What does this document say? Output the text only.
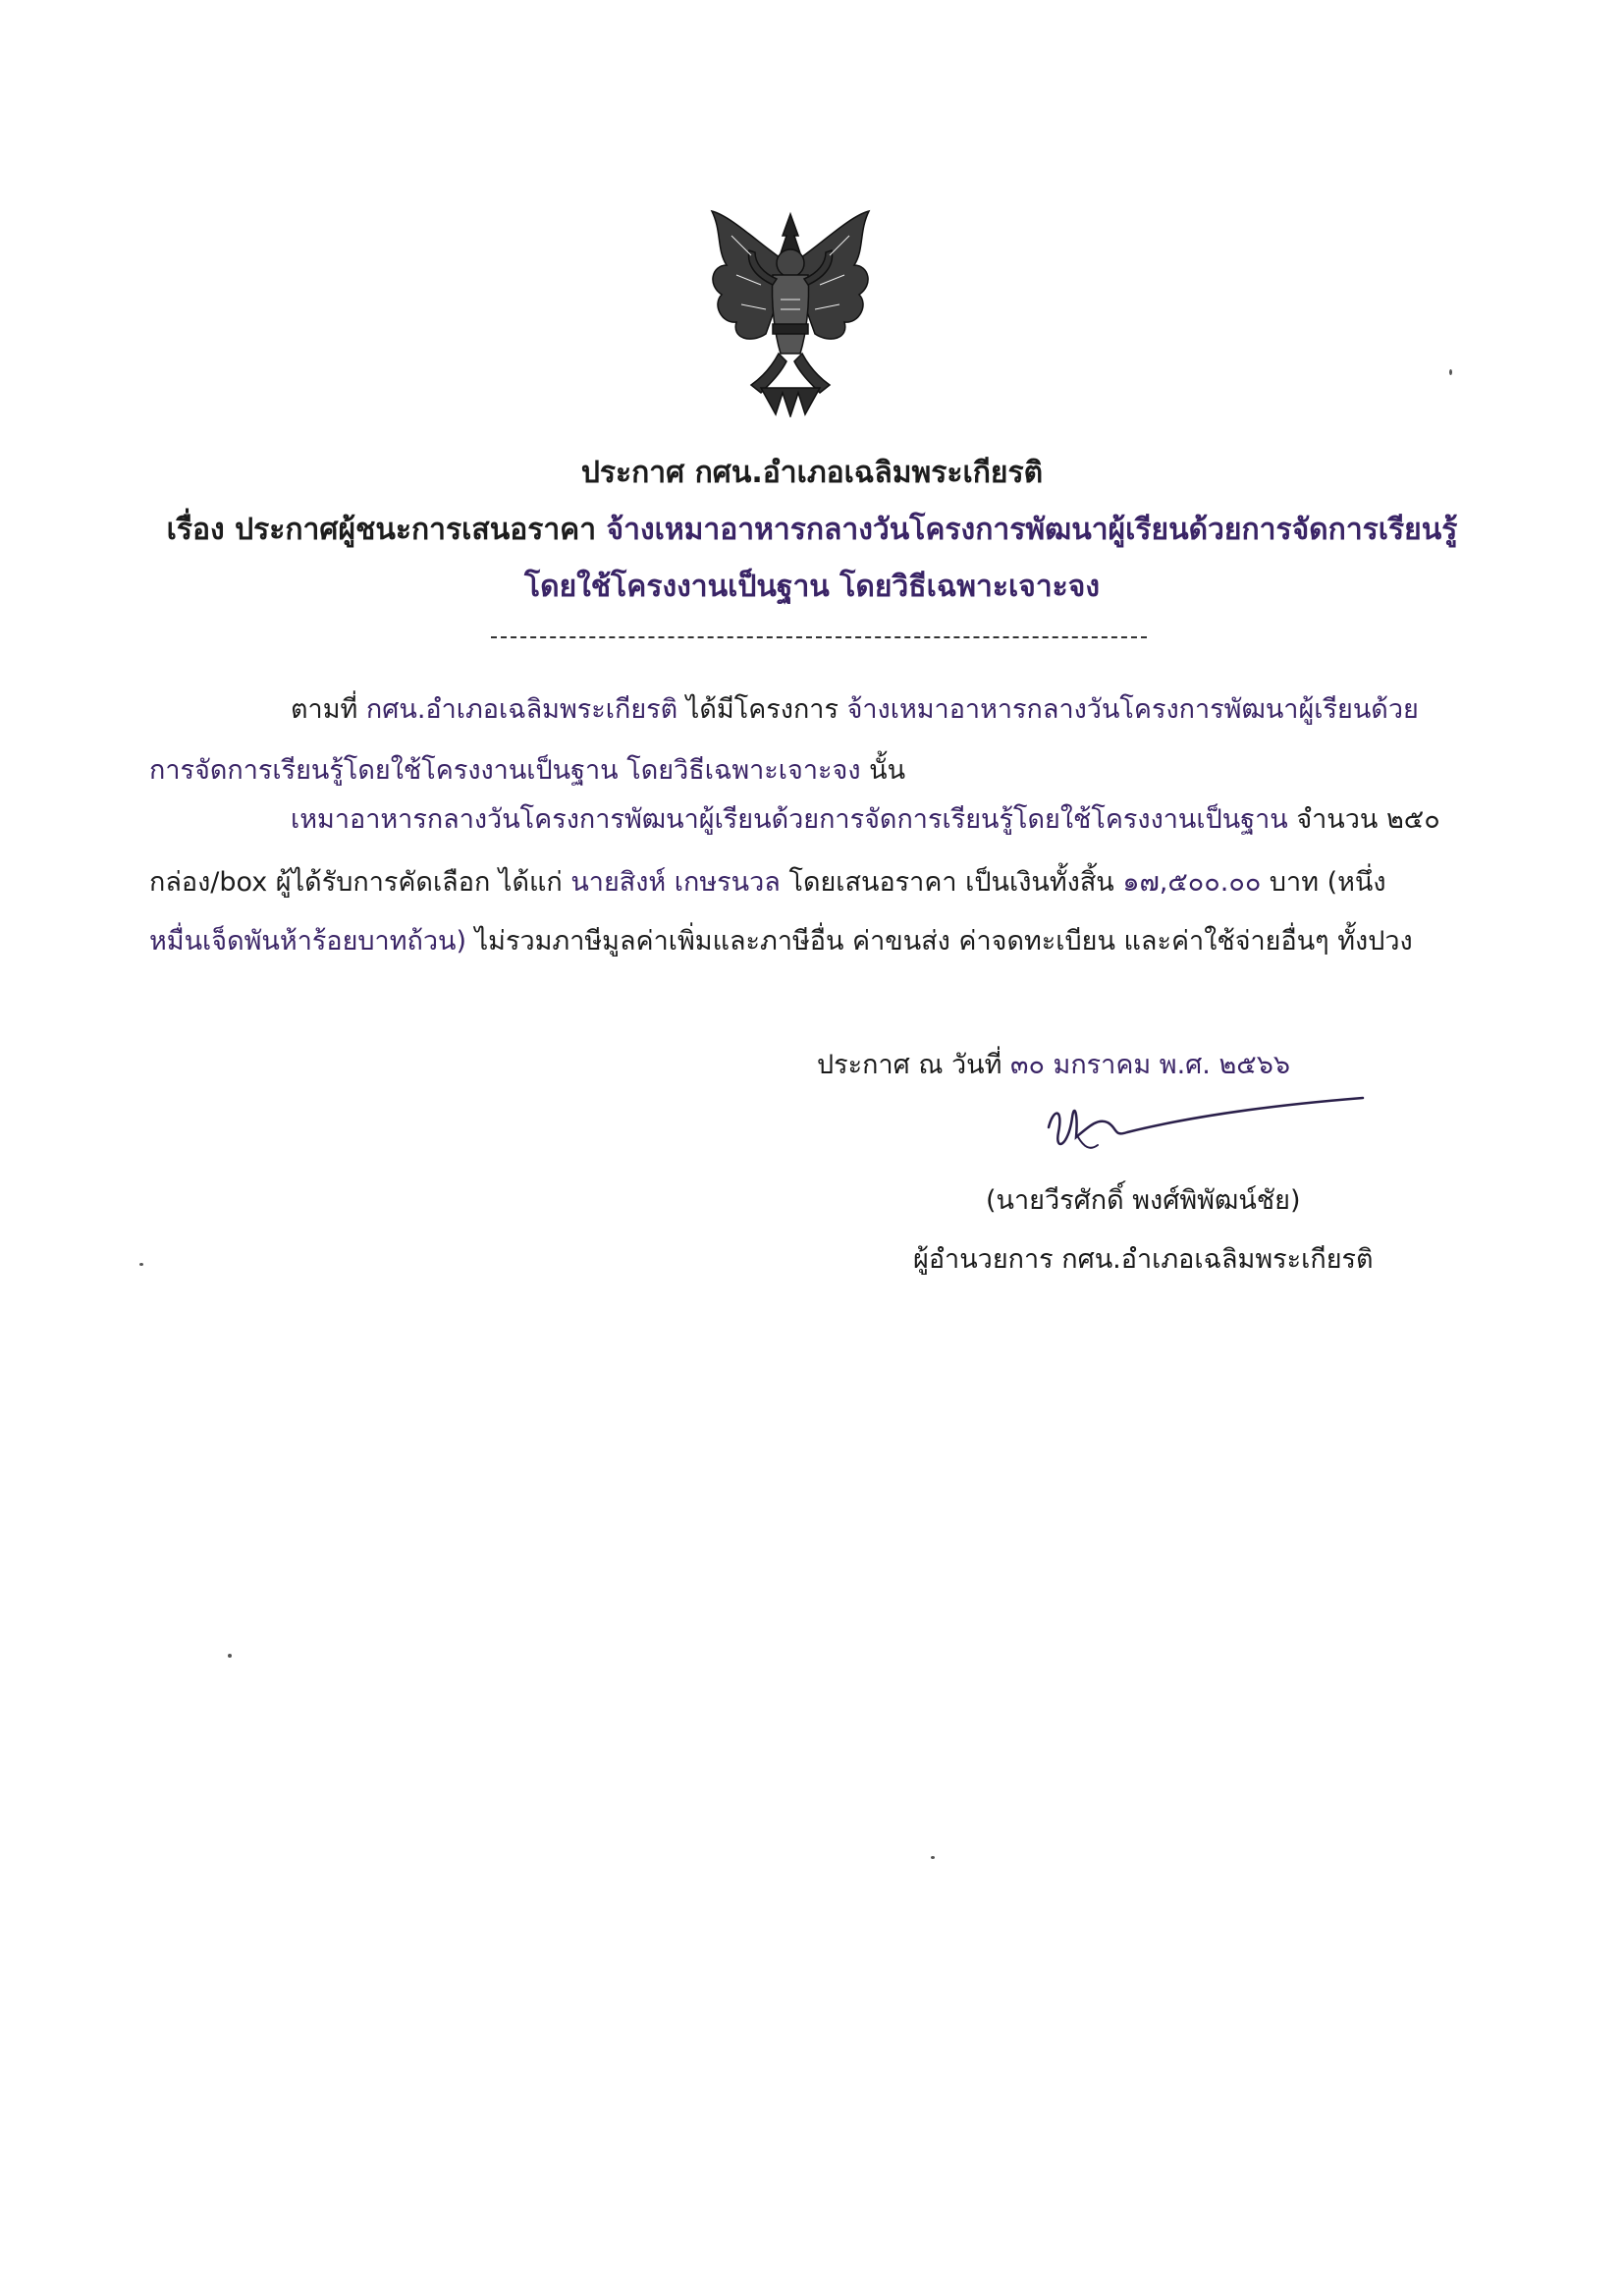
ประกาศ กศน.อำเภอเฉลิมพระเกียรติ
เรื่อง ประกาศผู้ชนะการเสนอราคา จ้างเหมาอาหารกลางวันโครงการพัฒนาผู้เรียนด้วยการจัดการเรียนรู้
โดยใช้โครงงานเป็นฐาน โดยวิธีเฉพาะเจาะจง
ตามที่ กศน.อำเภอเฉลิมพระเกียรติ ได้มีโครงการ จ้างเหมาอาหารกลางวันโครงการพัฒนาผู้เรียนด้วย
การจัดการเรียนรู้โดยใช้โครงงานเป็นฐาน โดยวิธีเฉพาะเจาะจง นั้น
เหมาอาหารกลางวันโครงการพัฒนาผู้เรียนด้วยการจัดการเรียนรู้โดยใช้โครงงานเป็นฐาน จำนวน ๒๕๐
กล่อง/box ผู้ได้รับการคัดเลือก ได้แก่ นายสิงห์ เกษรนวล โดยเสนอราคา เป็นเงินทั้งสิ้น ๑๗,๕๐๐.๐๐ บาท (หนึ่ง
หมื่นเจ็ดพันห้าร้อยบาทถ้วน) ไม่รวมภาษีมูลค่าเพิ่มและภาษีอื่น ค่าขนส่ง ค่าจดทะเบียน และค่าใช้จ่ายอื่นๆ ทั้งปวง
ประกาศ ณ วันที่ ๓๐ มกราคม พ.ศ. ๒๕๖๖
(นายวีรศักดิ์ พงศ์พิพัฒน์ชัย)
ผู้อำนวยการ กศน.อำเภอเฉลิมพระเกียรติ
